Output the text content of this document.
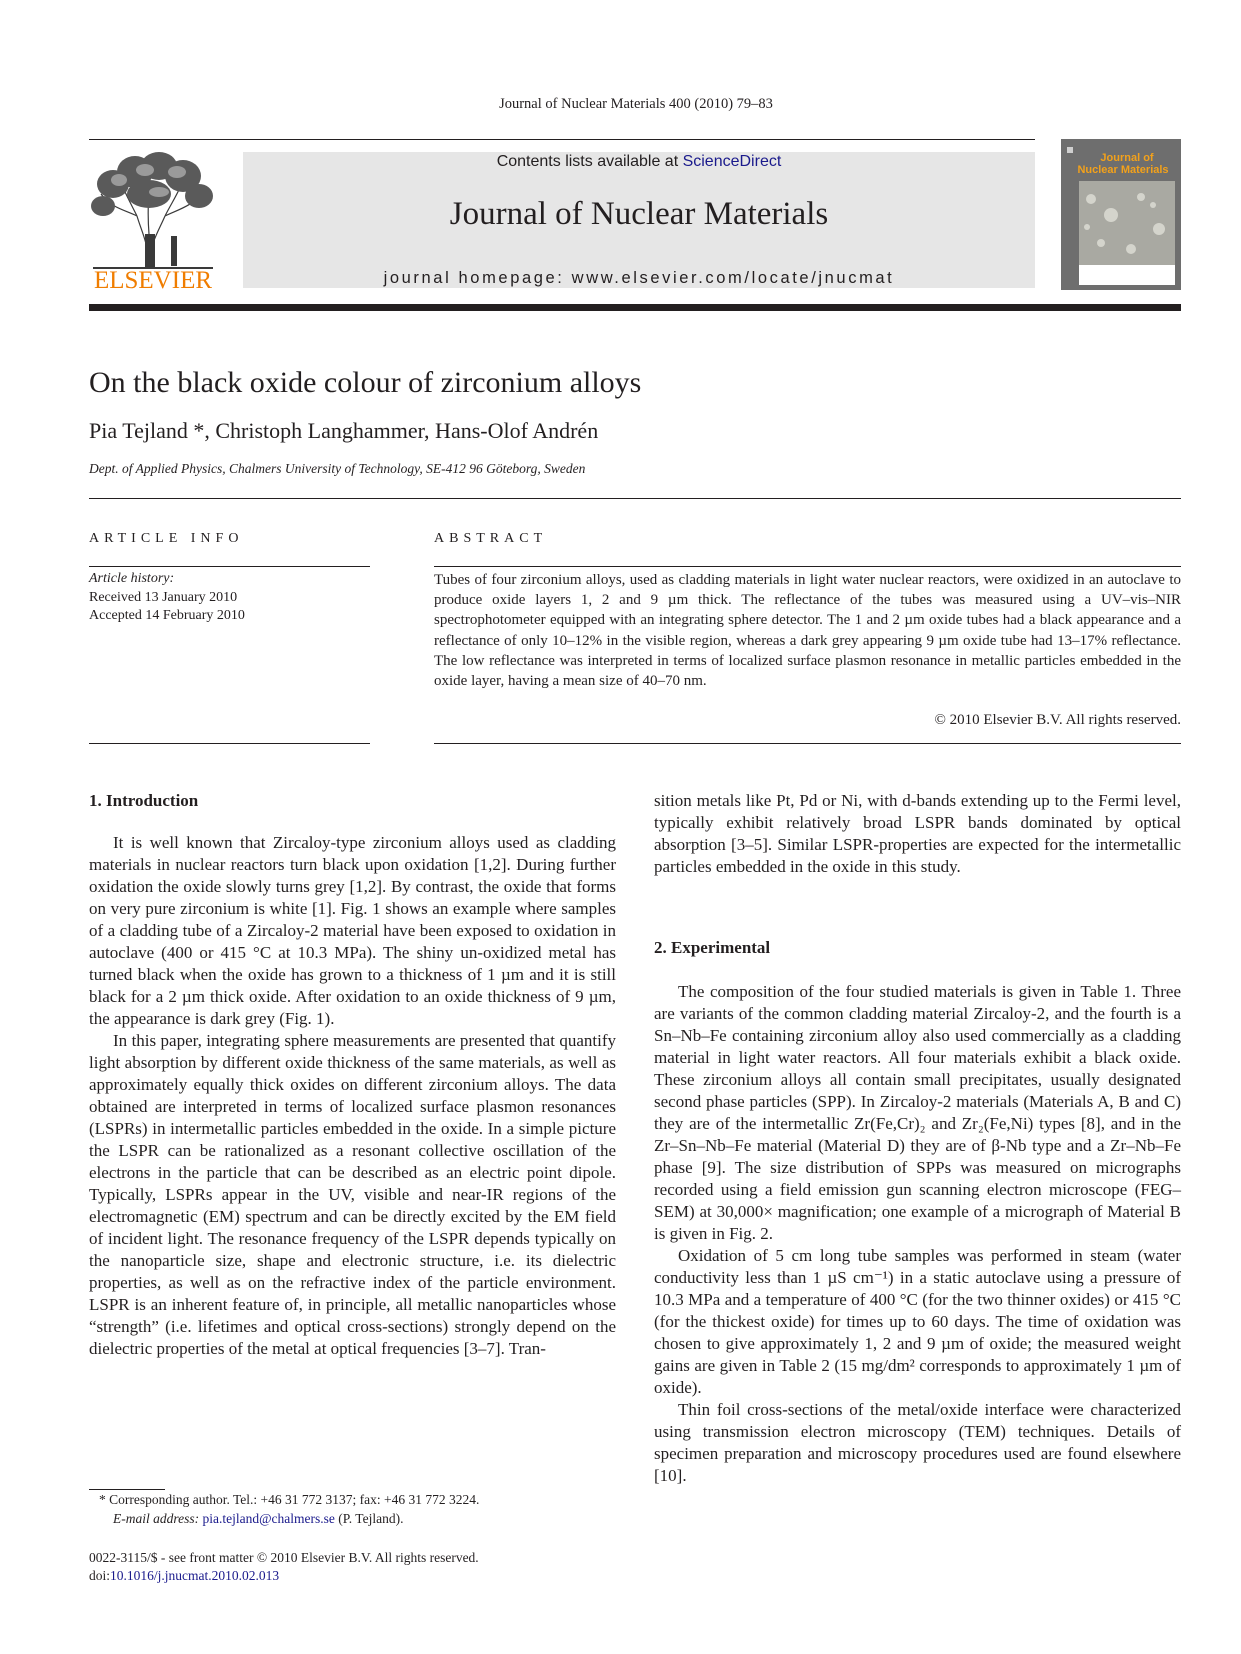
Journal of Nuclear Materials 400 (2010) 79–83
ELSEVIER
Contents lists available at ScienceDirect
Journal of Nuclear Materials
journal homepage: www.elsevier.com/locate/jnucmat
Journal of
Nuclear Materials
On the black oxide colour of zirconium alloys
Pia Tejland *, Christoph Langhammer, Hans-Olof Andrén
Dept. of Applied Physics, Chalmers University of Technology, SE-412 96 Göteborg, Sweden
ARTICLE INFO	ABSTRACT
Article history:
Received 13 January 2010
Accepted 14 February 2010

Tubes of four zirconium alloys, used as cladding materials in light water nuclear reactors, were oxidized in an autoclave to produce oxide layers 1, 2 and 9 µm thick. The reflectance of the tubes was measured using a UV–vis–NIR spectrophotometer equipped with an integrating sphere detector. The 1 and 2 µm oxide tubes had a black appearance and a reflectance of only 10–12% in the visible region, whereas a dark grey appearing 9 µm oxide tube had 13–17% reflectance. The low reflectance was interpreted in terms of localized surface plasmon resonance in metallic particles embedded in the oxide layer, having a mean size of 40–70 nm.

© 2010 Elsevier B.V. All rights reserved.
1. Introduction

It is well known that Zircaloy-type zirconium alloys used as cladding materials in nuclear reactors turn black upon oxidation [1,2]. During further oxidation the oxide slowly turns grey [1,2]. By contrast, the oxide that forms on very pure zirconium is white [1]. Fig. 1 shows an example where samples of a cladding tube of a Zircaloy-2 material have been exposed to oxidation in autoclave (400 or 415 °C at 10.3 MPa). The shiny un-oxidized metal has turned black when the oxide has grown to a thickness of 1 µm and it is still black for a 2 µm thick oxide. After oxidation to an oxide thickness of 9 µm, the appearance is dark grey (Fig. 1).

In this paper, integrating sphere measurements are presented that quantify light absorption by different oxide thickness of the same materials, as well as approximately equally thick oxides on different zirconium alloys. The data obtained are interpreted in terms of localized surface plasmon resonances (LSPRs) in intermetallic particles embedded in the oxide. In a simple picture the LSPR can be rationalized as a resonant collective oscillation of the electrons in the particle that can be described as an electric point dipole. Typically, LSPRs appear in the UV, visible and near-IR regions of the electromagnetic (EM) spectrum and can be directly excited by the EM field of incident light. The resonance frequency of the LSPR depends typically on the nanoparticle size, shape and electronic structure, i.e. its dielectric properties, as well as on the refractive index of the particle environment. LSPR is an inherent feature of, in principle, all metallic nanoparticles whose “strength” (i.e. lifetimes and optical cross-sections) strongly depend on the dielectric properties of the metal at optical frequencies [3–7]. Tran-

sition metals like Pt, Pd or Ni, with d-bands extending up to the Fermi level, typically exhibit relatively broad LSPR bands dominated by optical absorption [3–5]. Similar LSPR-properties are expected for the intermetallic particles embedded in the oxide in this study.

2. Experimental

The composition of the four studied materials is given in Table 1. Three are variants of the common cladding material Zircaloy-2, and the fourth is a Sn–Nb–Fe containing zirconium alloy also used commercially as a cladding material in light water reactors. All four materials exhibit a black oxide. These zirconium alloys all contain small precipitates, usually designated second phase particles (SPP). In Zircaloy-2 materials (Materials A, B and C) they are of the intermetallic Zr(Fe,Cr)₂ and Zr₂(Fe,Ni) types [8], and in the Zr–Sn–Nb–Fe material (Material D) they are of β-Nb type and a Zr–Nb–Fe phase [9]. The size distribution of SPPs was measured on micrographs recorded using a field emission gun scanning electron microscope (FEG–SEM) at 30,000× magnification; one example of a micrograph of Material B is given in Fig. 2.

Oxidation of 5 cm long tube samples was performed in steam (water conductivity less than 1 µS cm⁻¹) in a static autoclave using a pressure of 10.3 MPa and a temperature of 400 °C (for the two thinner oxides) or 415 °C (for the thickest oxide) for times up to 60 days. The time of oxidation was chosen to give approximately 1, 2 and 9 µm of oxide; the measured weight gains are given in Table 2 (15 mg/dm² corresponds to approximately 1 µm of oxide).

Thin foil cross-sections of the metal/oxide interface were characterized using transmission electron microscopy (TEM) techniques. Details of specimen preparation and microscopy procedures used are found elsewhere [10].

* Corresponding author. Tel.: +46 31 772 3137; fax: +46 31 772 3224.
E-mail address: pia.tejland@chalmers.se (P. Tejland).
0022-3115/$ - see front matter © 2010 Elsevier B.V. All rights reserved.
doi:10.1016/j.jnucmat.2010.02.013
